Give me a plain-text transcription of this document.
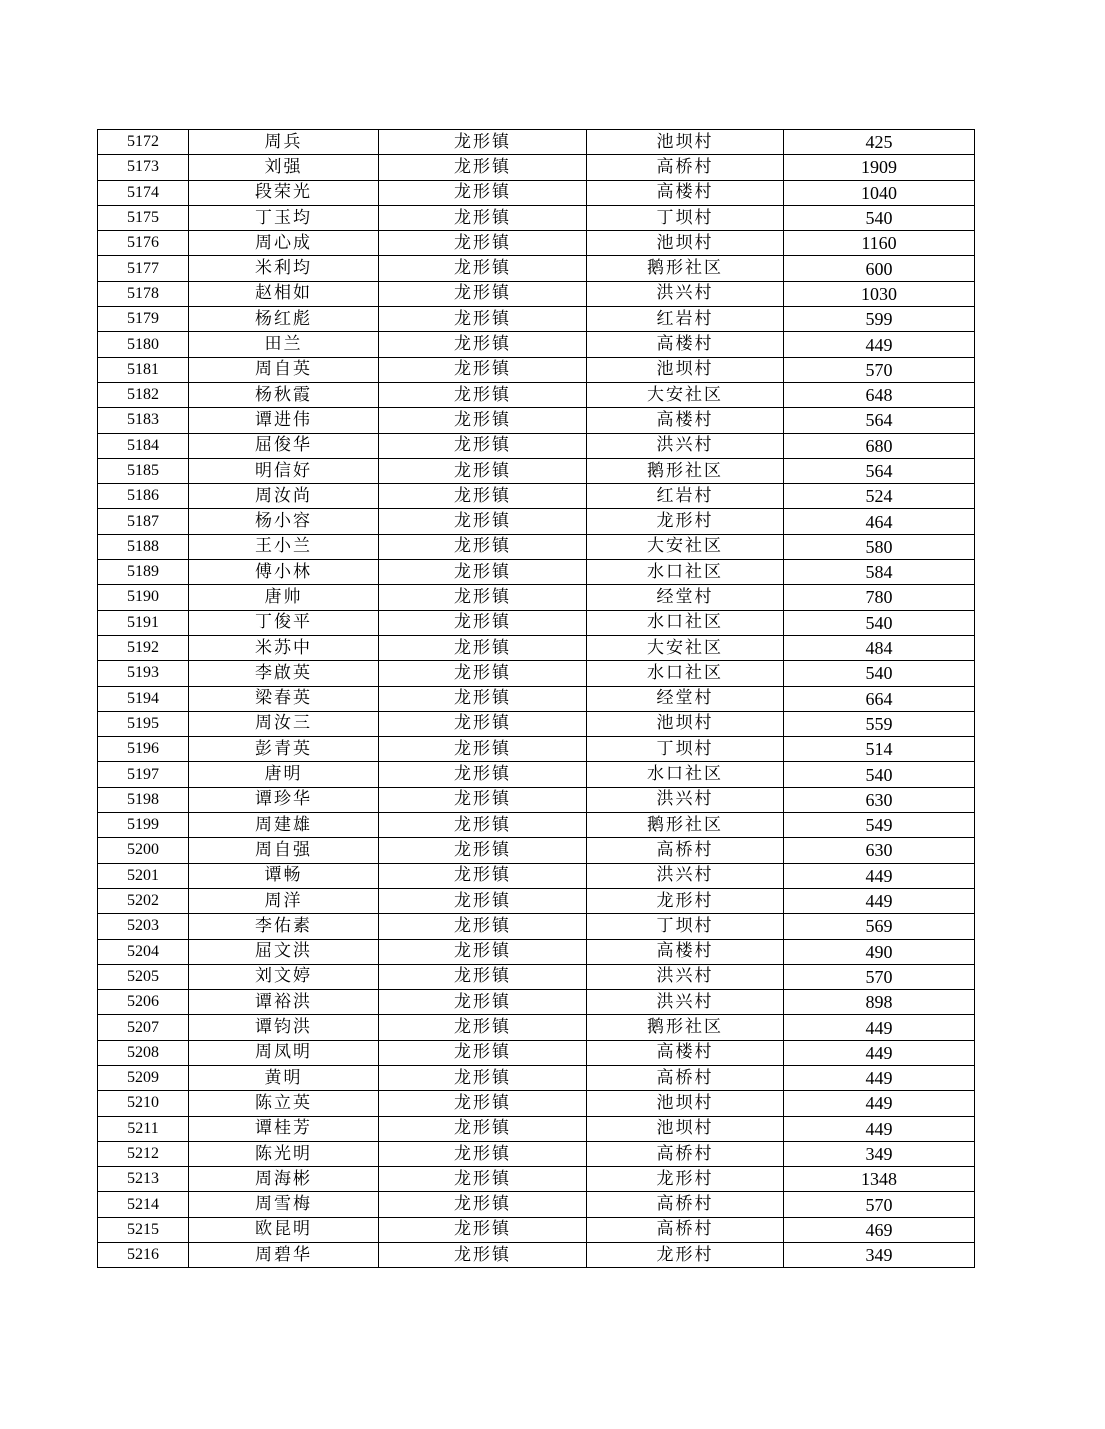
5172	周兵	龙形镇	池坝村	425
5173	刘强	龙形镇	高桥村	1909
5174	段荣光	龙形镇	高楼村	1040
5175	丁玉均	龙形镇	丁坝村	540
5176	周心成	龙形镇	池坝村	1160
5177	米利均	龙形镇	鹅形社区	600
5178	赵相如	龙形镇	洪兴村	1030
5179	杨红彪	龙形镇	红岩村	599
5180	田兰	龙形镇	高楼村	449
5181	周自英	龙形镇	池坝村	570
5182	杨秋霞	龙形镇	大安社区	648
5183	谭进伟	龙形镇	高楼村	564
5184	屈俊华	龙形镇	洪兴村	680
5185	明信好	龙形镇	鹅形社区	564
5186	周汝尚	龙形镇	红岩村	524
5187	杨小容	龙形镇	龙形村	464
5188	王小兰	龙形镇	大安社区	580
5189	傅小林	龙形镇	水口社区	584
5190	唐帅	龙形镇	经堂村	780
5191	丁俊平	龙形镇	水口社区	540
5192	米苏中	龙形镇	大安社区	484
5193	李啟英	龙形镇	水口社区	540
5194	梁春英	龙形镇	经堂村	664
5195	周汝三	龙形镇	池坝村	559
5196	彭青英	龙形镇	丁坝村	514
5197	唐明	龙形镇	水口社区	540
5198	谭珍华	龙形镇	洪兴村	630
5199	周建雄	龙形镇	鹅形社区	549
5200	周自强	龙形镇	高桥村	630
5201	谭畅	龙形镇	洪兴村	449
5202	周洋	龙形镇	龙形村	449
5203	李佑素	龙形镇	丁坝村	569
5204	屈文洪	龙形镇	高楼村	490
5205	刘文婷	龙形镇	洪兴村	570
5206	谭裕洪	龙形镇	洪兴村	898
5207	谭钧洪	龙形镇	鹅形社区	449
5208	周凤明	龙形镇	高楼村	449
5209	黄明	龙形镇	高桥村	449
5210	陈立英	龙形镇	池坝村	449
5211	谭桂芳	龙形镇	池坝村	449
5212	陈光明	龙形镇	高桥村	349
5213	周海彬	龙形镇	龙形村	1348
5214	周雪梅	龙形镇	高桥村	570
5215	欧昆明	龙形镇	高桥村	469
5216	周碧华	龙形镇	龙形村	349
